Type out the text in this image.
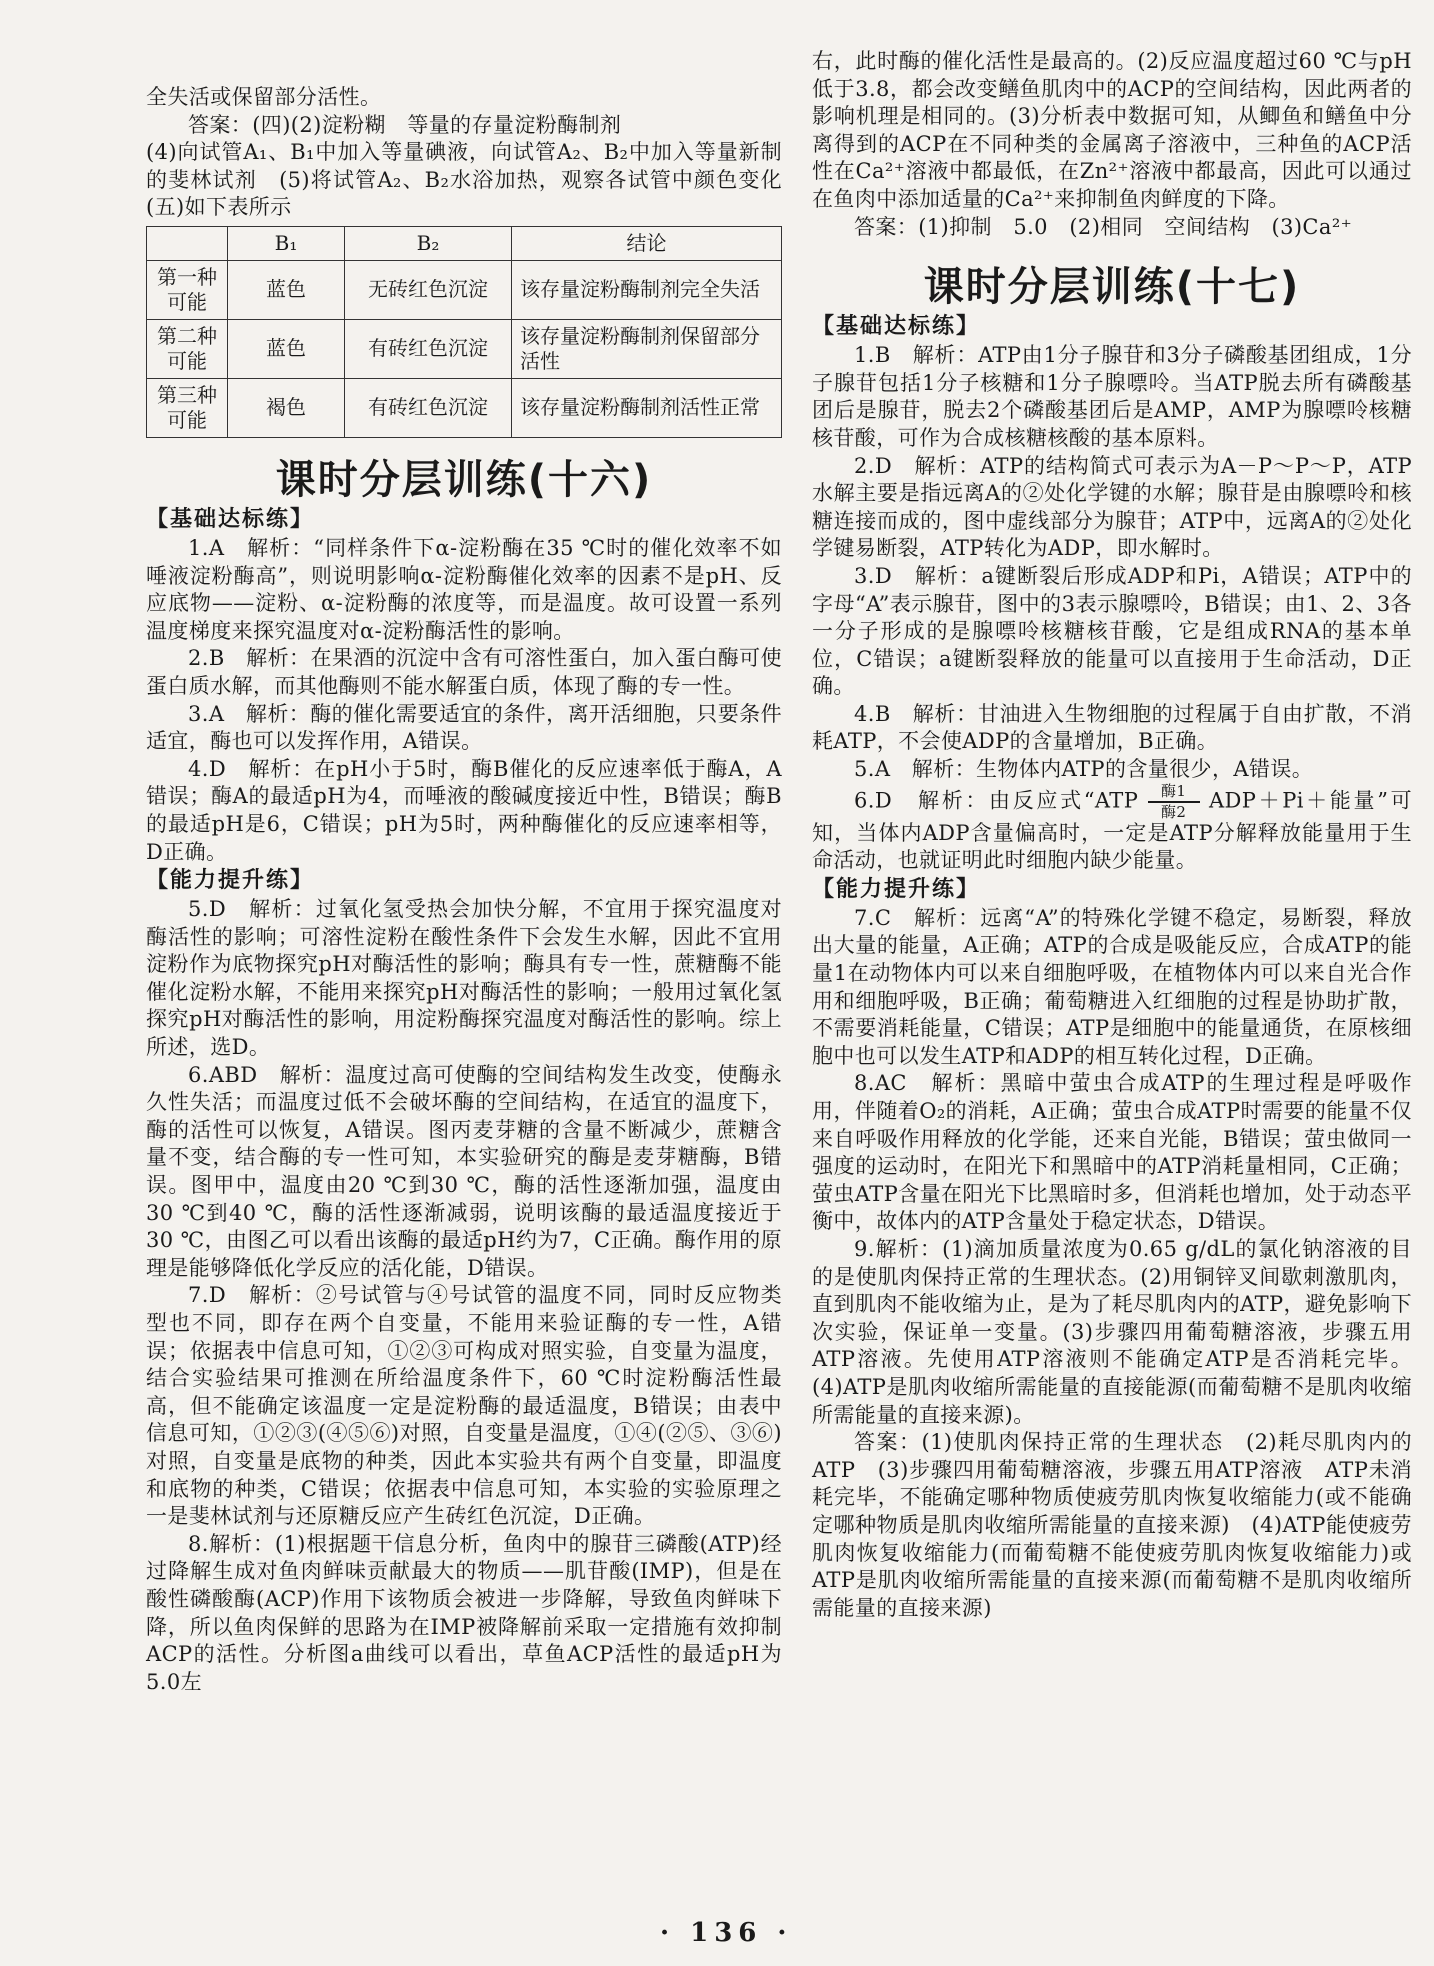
全失活或保留部分活性。

答案：(四)(2)淀粉糊　等量的存量淀粉酶制剂

(4)向试管A₁、B₁中加入等量碘液，向试管A₂、B₂中加入等量新制的斐林试剂　(5)将试管A₂、B₂水浴加热，观察各试管中颜色变化　(五)如下表所示

	B₁	B₂	结论
第一种可能	蓝色	无砖红色沉淀	该存量淀粉酶制剂完全失活
第二种可能	蓝色	有砖红色沉淀	该存量淀粉酶制剂保留部分活性
第三种可能	褐色	有砖红色沉淀	该存量淀粉酶制剂活性正常
课时分层训练(十六)
【基础达标练】

1.A　解析：“同样条件下α-淀粉酶在35 ℃时的催化效率不如唾液淀粉酶高”，则说明影响α-淀粉酶催化效率的因素不是pH、反应底物——淀粉、α-淀粉酶的浓度等，而是温度。故可设置一系列温度梯度来探究温度对α-淀粉酶活性的影响。

2.B　解析：在果酒的沉淀中含有可溶性蛋白，加入蛋白酶可使蛋白质水解，而其他酶则不能水解蛋白质，体现了酶的专一性。

3.A　解析：酶的催化需要适宜的条件，离开活细胞，只要条件适宜，酶也可以发挥作用，A错误。

4.D　解析：在pH小于5时，酶B催化的反应速率低于酶A，A错误；酶A的最适pH为4，而唾液的酸碱度接近中性，B错误；酶B的最适pH是6，C错误；pH为5时，两种酶催化的反应速率相等，D正确。

【能力提升练】

5.D　解析：过氧化氢受热会加快分解，不宜用于探究温度对酶活性的影响；可溶性淀粉在酸性条件下会发生水解，因此不宜用淀粉作为底物探究pH对酶活性的影响；酶具有专一性，蔗糖酶不能催化淀粉水解，不能用来探究pH对酶活性的影响；一般用过氧化氢探究pH对酶活性的影响，用淀粉酶探究温度对酶活性的影响。综上所述，选D。

6.ABD　解析：温度过高可使酶的空间结构发生改变，使酶永久性失活；而温度过低不会破坏酶的空间结构，在适宜的温度下，酶的活性可以恢复，A错误。图丙麦芽糖的含量不断减少，蔗糖含量不变，结合酶的专一性可知，本实验研究的酶是麦芽糖酶，B错误。图甲中，温度由20 ℃到30 ℃，酶的活性逐渐加强，温度由30 ℃到40 ℃，酶的活性逐渐减弱，说明该酶的最适温度接近于30 ℃，由图乙可以看出该酶的最适pH约为7，C正确。酶作用的原理是能够降低化学反应的活化能，D错误。

7.D　解析：②号试管与④号试管的温度不同，同时反应物类型也不同，即存在两个自变量，不能用来验证酶的专一性，A错误；依据表中信息可知，①②③可构成对照实验，自变量为温度，结合实验结果可推测在所给温度条件下，60 ℃时淀粉酶活性最高，但不能确定该温度一定是淀粉酶的最适温度，B错误；由表中信息可知，①②③(④⑤⑥)对照，自变量是温度，①④(②⑤、③⑥)对照，自变量是底物的种类，因此本实验共有两个自变量，即温度和底物的种类，C错误；依据表中信息可知，本实验的实验原理之一是斐林试剂与还原糖反应产生砖红色沉淀，D正确。

8.解析：(1)根据题干信息分析，鱼肉中的腺苷三磷酸(ATP)经过降解生成对鱼肉鲜味贡献最大的物质——肌苷酸(IMP)，但是在酸性磷酸酶(ACP)作用下该物质会被进一步降解，导致鱼肉鲜味下降，所以鱼肉保鲜的思路为在IMP被降解前采取一定措施有效抑制ACP的活性。分析图a曲线可以看出，草鱼ACP活性的最适pH为5.0左

右，此时酶的催化活性是最高的。(2)反应温度超过60 ℃与pH低于3.8，都会改变鳝鱼肌肉中的ACP的空间结构，因此两者的影响机理是相同的。(3)分析表中数据可知，从鲫鱼和鳝鱼中分离得到的ACP在不同种类的金属离子溶液中，三种鱼的ACP活性在Ca²⁺溶液中都最低，在Zn²⁺溶液中都最高，因此可以通过在鱼肉中添加适量的Ca²⁺来抑制鱼肉鲜度的下降。

答案：(1)抑制　5.0　(2)相同　空间结构　(3)Ca²⁺

课时分层训练(十七)
【基础达标练】

1.B　解析：ATP由1分子腺苷和3分子磷酸基团组成，1分子腺苷包括1分子核糖和1分子腺嘌呤。当ATP脱去所有磷酸基团后是腺苷，脱去2个磷酸基团后是AMP，AMP为腺嘌呤核糖核苷酸，可作为合成核糖核酸的基本原料。

2.D　解析：ATP的结构简式可表示为A－P～P～P，ATP水解主要是指远离A的②处化学键的水解；腺苷是由腺嘌呤和核糖连接而成的，图中虚线部分为腺苷；ATP中，远离A的②处化学键易断裂，ATP转化为ADP，即水解时。

3.D　解析：a键断裂后形成ADP和Pi，A错误；ATP中的字母“A”表示腺苷，图中的3表示腺嘌呤，B错误；由1、2、3各一分子形成的是腺嘌呤核糖核苷酸，它是组成RNA的基本单位，C错误；a键断裂释放的能量可以直接用于生命活动，D正确。

4.B　解析：甘油进入生物细胞的过程属于自由扩散，不消耗ATP，不会使ADP的含量增加，B正确。

5.A　解析：生物体内ATP的含量很少，A错误。

6.D　解析：由反应式“ATP	酶1
酶2	ADP＋Pi＋能量”可知，当体内ADP含量偏高时，一定是ATP分解释放能量用于生命活动，也就证明此时细胞内缺少能量。

【能力提升练】

7.C　解析：远离“A”的特殊化学键不稳定，易断裂，释放出大量的能量，A正确；ATP的合成是吸能反应，合成ATP的能量1在动物体内可以来自细胞呼吸，在植物体内可以来自光合作用和细胞呼吸，B正确；葡萄糖进入红细胞的过程是协助扩散，不需要消耗能量，C错误；ATP是细胞中的能量通货，在原核细胞中也可以发生ATP和ADP的相互转化过程，D正确。

8.AC　解析：黑暗中萤虫合成ATP的生理过程是呼吸作用，伴随着O₂的消耗，A正确；萤虫合成ATP时需要的能量不仅来自呼吸作用释放的化学能，还来自光能，B错误；萤虫做同一强度的运动时，在阳光下和黑暗中的ATP消耗量相同，C正确；萤虫ATP含量在阳光下比黑暗时多，但消耗也增加，处于动态平衡中，故体内的ATP含量处于稳定状态，D错误。

9.解析：(1)滴加质量浓度为0.65 g/dL的氯化钠溶液的目的是使肌肉保持正常的生理状态。(2)用铜锌叉间歇刺激肌肉，直到肌肉不能收缩为止，是为了耗尽肌肉内的ATP，避免影响下次实验，保证单一变量。(3)步骤四用葡萄糖溶液，步骤五用ATP溶液。先使用ATP溶液则不能确定ATP是否消耗完毕。(4)ATP是肌肉收缩所需能量的直接能源(而葡萄糖不是肌肉收缩所需能量的直接来源)。

答案：(1)使肌肉保持正常的生理状态　(2)耗尽肌肉内的ATP　(3)步骤四用葡萄糖溶液，步骤五用ATP溶液　ATP未消耗完毕，不能确定哪种物质使疲劳肌肉恢复收缩能力(或不能确定哪种物质是肌肉收缩所需能量的直接来源)　(4)ATP能使疲劳肌肉恢复收缩能力(而葡萄糖不能使疲劳肌肉恢复收缩能力)或ATP是肌肉收缩所需能量的直接来源(而葡萄糖不是肌肉收缩所需能量的直接来源)

· 136 ·
